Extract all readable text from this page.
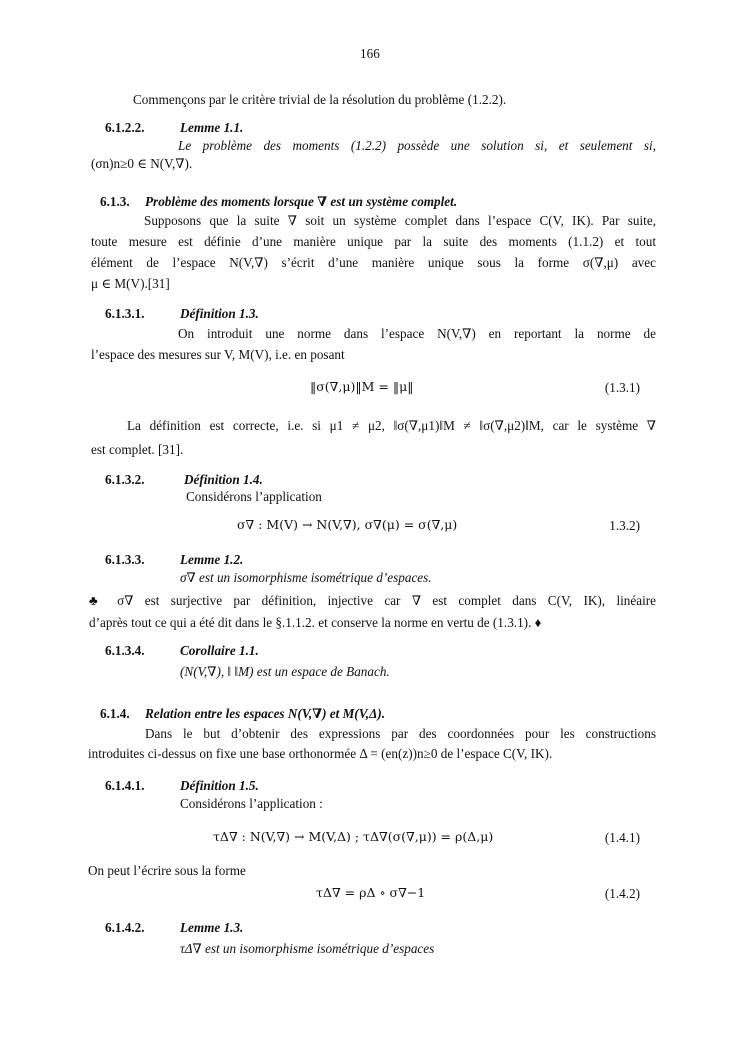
166
Commençons par le critère trivial de la résolution du problème (1.2.2).
6.1.2.2.	Lemme 1.1.
Le problème des moments (1.2.2) possède une solution si, et seulement si,
(σn)n≥0 ∈ N(V,∇).
6.1.3. Problème des moments lorsque ∇ est un système complet.
Supposons que la suite ∇ soit un système complet dans l’espace C(V, IK). Par suite,
toute mesure est définie d’une manière unique par la suite des moments (1.1.2) et tout
élément de l’espace N(V,∇) s’écrit d’une manière unique sous la forme σ(∇,μ) avec
μ ∈ M(V).[31]
6.1.3.1.	Définition 1.3.
On introduit une norme dans l’espace N(V,∇) en reportant la norme de
l’espace des mesures sur V, M(V), i.e. en posant
‖σ(∇,μ)‖M = ‖μ‖	(1.3.1)
La définition est correcte, i.e. si μ1 ≠ μ2, ‖σ(∇,μ1)‖M ≠ ‖σ(∇,μ2)‖M, car le système ∇
est complet. [31].
6.1.3.2.	Définition 1.4.
Considérons l’application
σ∇ : M(V) → N(V,∇), σ∇(μ) = σ(∇,μ)	1.3.2)
6.1.3.3.	Lemme 1.2.
σ∇ est un isomorphisme isométrique d’espaces.
♣ σ∇ est surjective par définition, injective car ∇ est complet dans C(V, IK), linéaire
d’après tout ce qui a été dit dans le §.1.1.2. et conserve la norme en vertu de (1.3.1). ♦
6.1.3.4.	Corollaire 1.1.
(N(V,∇), ‖ ‖M) est un espace de Banach.
6.1.4. Relation entre les espaces N(V,∇) et M(V,Δ).
Dans le but d’obtenir des expressions par des coordonnées pour les constructions
introduites ci-dessus on fixe une base orthonormée Δ = (en(z))n≥0 de l’espace C(V, IK).
6.1.4.1.	Définition 1.5.
Considérons l’application :
τΔ∇ : N(V,∇) → M(V,Δ) ; τΔ∇(σ(∇,μ)) = ρ(Δ,μ)	(1.4.1)
On peut l’écrire sous la forme
τΔ∇ = ρΔ ∘ σ∇−1	(1.4.2)
6.1.4.2.	Lemme 1.3.
τΔ∇ est un isomorphisme isométrique d’espaces
